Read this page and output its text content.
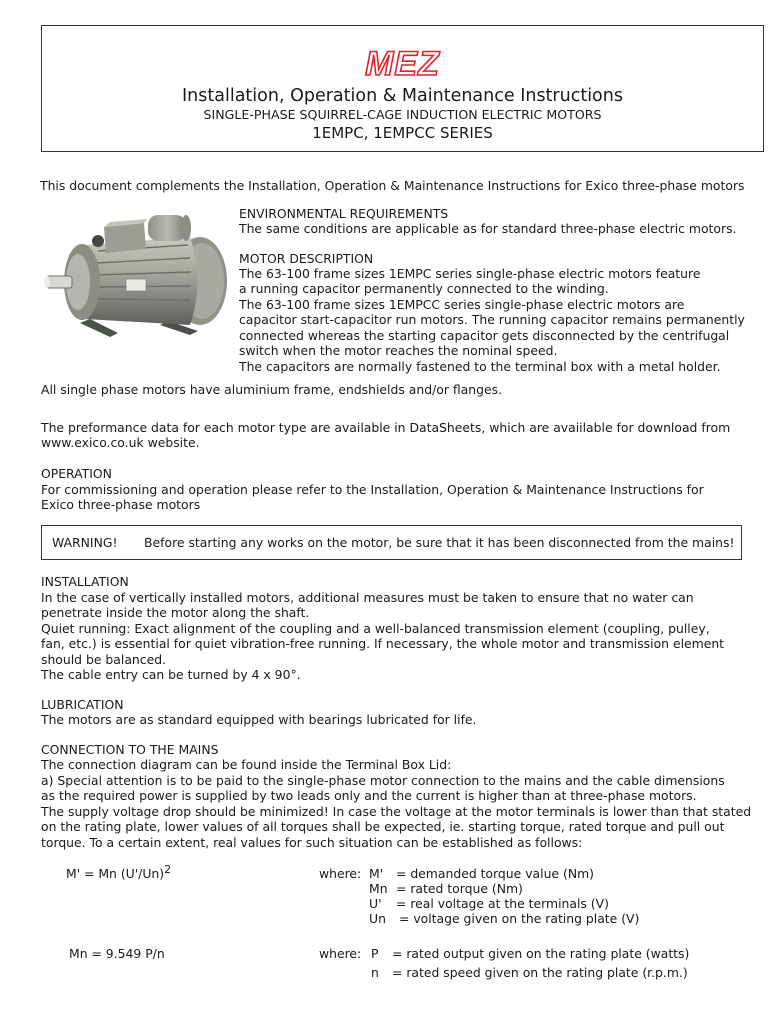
MEZ
Installation, Operation & Maintenance Instructions
SINGLE-PHASE SQUIRREL-CAGE INDUCTION ELECTRIC MOTORS
1EMPC, 1EMPCC SERIES
This document complements the Installation, Operation & Maintenance Instructions for Exico three-phase motors
ENVIRONMENTAL REQUIREMENTS
The same conditions are applicable as for standard three-phase electric motors.
MOTOR DESCRIPTION
The 63-100 frame sizes 1EMPC series single-phase electric motors feature
a running capacitor permanently connected to the winding.
The 63-100 frame sizes 1EMPCC series single-phase electric motors are
capacitor start-capacitor run motors. The running capacitor remains permanently
connected whereas the starting capacitor gets disconnected by the centrifugal
switch when the motor reaches the nominal speed.
The capacitors are normally fastened to the terminal box with a metal holder.
All single phase motors have aluminium frame, endshields and/or flanges.
The preformance data for each motor type are available in DataSheets, which are avaiilable for download from
www.exico.co.uk website.
OPERATION
For commissioning and operation please refer to the Installation, Operation & Maintenance Instructions for
Exico three-phase motors
WARNING! Before starting any works on the motor, be sure that it has been disconnected from the mains!
INSTALLATION
In the case of vertically installed motors, additional measures must be taken to ensure that no water can
penetrate inside the motor along the shaft.
Quiet running: Exact alignment of the coupling and a well-balanced transmission element (coupling, pulley,
fan, etc.) is essential for quiet vibration-free running. If necessary, the whole motor and transmission element
should be balanced.
The cable entry can be turned by 4 x 90°.
LUBRICATION
The motors are as standard equipped with bearings lubricated for life.
CONNECTION TO THE MAINS
The connection diagram can be found inside the Terminal Box Lid:
a) Special attention is to be paid to the single-phase motor connection to the mains and the cable dimensions
as the required power is supplied by two leads only and the current is higher than at three-phase motors.
The supply voltage drop should be minimized! In case the voltage at the motor terminals is lower than that stated
on the rating plate, lower values of all torques shall be expected, ie. starting torque, rated torque and pull out
torque. To a certain extent, real values for such situation can be established as follows:
M' = Mn $(U'/Un)^2$	where: M' = demanded torque value (Nm)
Mn = rated torque (Nm)
U' = real voltage at the terminals (V)
Un = voltage given on the rating plate (V)
Mn = 9.549 P/n	where: P = rated output given on the rating plate (watts)
n = rated speed given on the rating plate (r.p.m.)
